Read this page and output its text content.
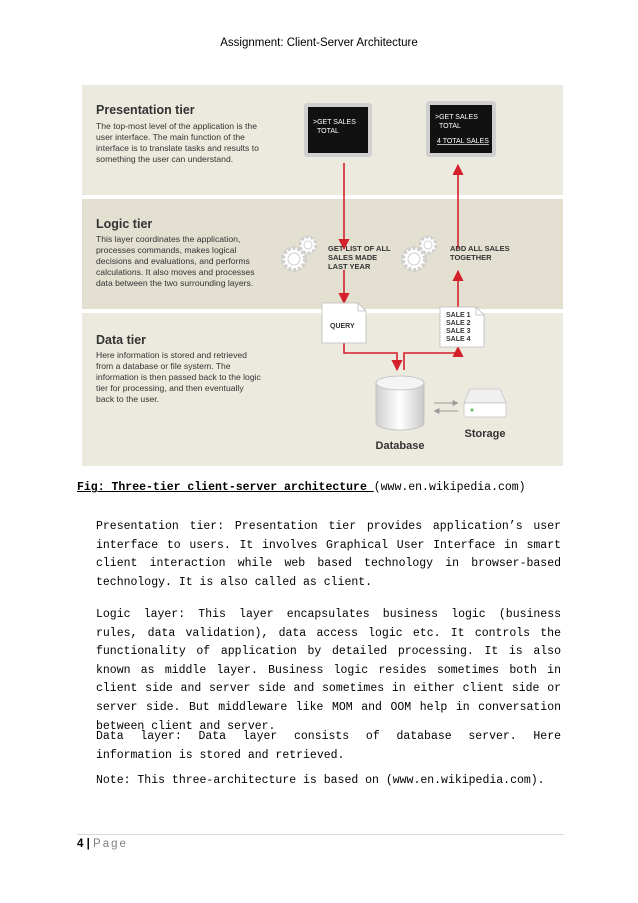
Assignment: Client-Server Architecture
Presentation tier
The top-most level of the application is the user interface. The main function of the interface is to translate tasks and results to something the user can understand.
Logic tier
This layer coordinates the application, processes commands, makes logical decisions and evaluations, and performs calculations. It also moves and processes data between the two surrounding layers.
Data tier
Here information is stored and retrieved from a database or file system. The information is then passed back to the logic tier for processing, and then eventually back to the user.
>GET SALES
TOTAL
>GET SALES
TOTAL
4 TOTAL SALES
GET LIST OF ALL SALES MADE LAST YEAR
ADD ALL SALES TOGETHER
QUERY
SALE 1 SALE 2 SALE 3 SALE 4
Database
Storage
Fig: Three-tier client-server architecture (www.en.wikipedia.com)

Presentation tier: Presentation tier provides application’s user interface to users. It involves Graphical User Interface in smart client interaction while web based technology in browser-based technology. It is also called as client.

Logic layer: This layer encapsulates business logic (business rules, data validation), data access logic etc. It controls the functionality of application by detailed processing. It is also known as middle layer. Business logic resides sometimes both in client side and server side and sometimes in either client side or server side. But middleware like MOM and OOM help in conversation between client and server.

Data layer: Data layer consists of database server. Here information is stored and retrieved.

Note: This three-architecture is based on (www.en.wikipedia.com).

4 | Page
